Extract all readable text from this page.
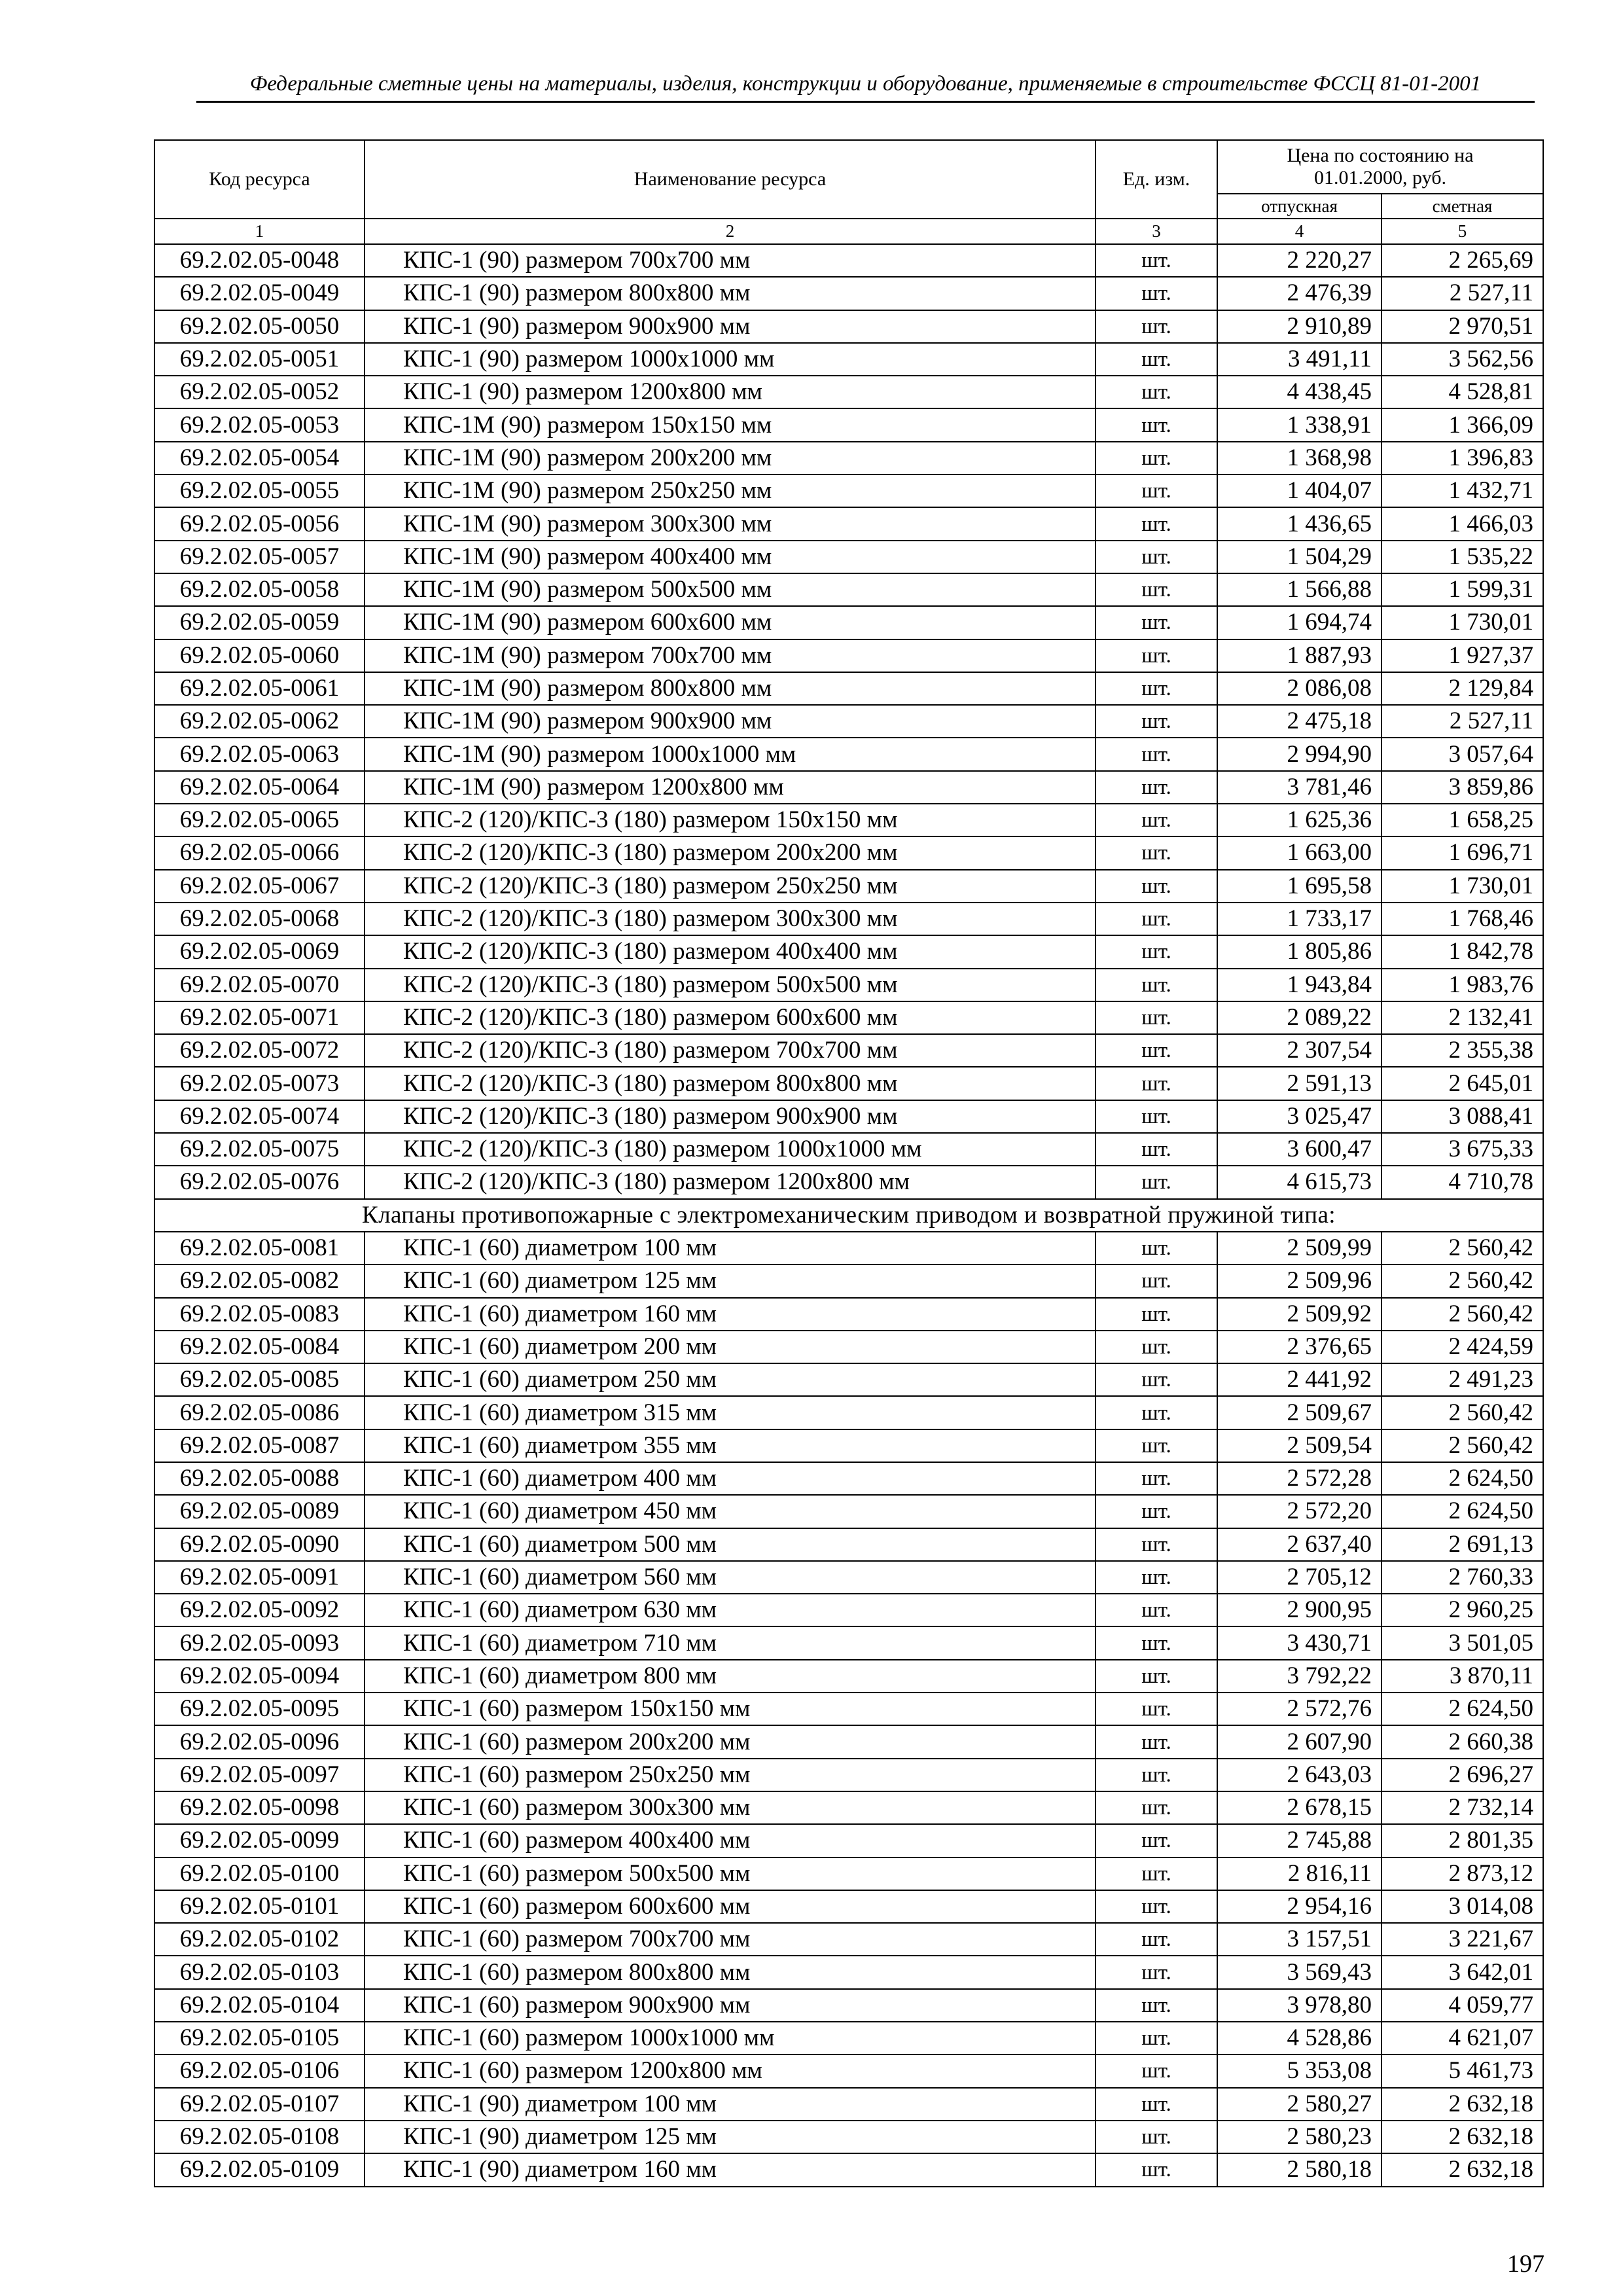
Федеральные сметные цены на материалы, изделия, конструкции и оборудование, применяемые в строительстве ФССЦ 81-01-2001
Код ресурса	Наименование ресурса	Ед. изм.	Цена по состоянию на 01.01.2000, руб.	
			отпускная	сметная
1	2	3	4	5
69.2.02.05-0048	КПС-1 (90) размером 700х700 мм	шт.	2 220,27	2 265,69
69.2.02.05-0049	КПС-1 (90) размером 800х800 мм	шт.	2 476,39	2 527,11
69.2.02.05-0050	КПС-1 (90) размером 900х900 мм	шт.	2 910,89	2 970,51
69.2.02.05-0051	КПС-1 (90) размером 1000х1000 мм	шт.	3 491,11	3 562,56
69.2.02.05-0052	КПС-1 (90) размером 1200х800 мм	шт.	4 438,45	4 528,81
69.2.02.05-0053	КПС-1М (90) размером 150х150 мм	шт.	1 338,91	1 366,09
69.2.02.05-0054	КПС-1М (90) размером 200х200 мм	шт.	1 368,98	1 396,83
69.2.02.05-0055	КПС-1М (90) размером 250х250 мм	шт.	1 404,07	1 432,71
69.2.02.05-0056	КПС-1М (90) размером 300х300 мм	шт.	1 436,65	1 466,03
69.2.02.05-0057	КПС-1М (90) размером 400х400 мм	шт.	1 504,29	1 535,22
69.2.02.05-0058	КПС-1М (90) размером 500х500 мм	шт.	1 566,88	1 599,31
69.2.02.05-0059	КПС-1М (90) размером 600х600 мм	шт.	1 694,74	1 730,01
69.2.02.05-0060	КПС-1М (90) размером 700х700 мм	шт.	1 887,93	1 927,37
69.2.02.05-0061	КПС-1М (90) размером 800х800 мм	шт.	2 086,08	2 129,84
69.2.02.05-0062	КПС-1М (90) размером 900х900 мм	шт.	2 475,18	2 527,11
69.2.02.05-0063	КПС-1М (90) размером 1000х1000 мм	шт.	2 994,90	3 057,64
69.2.02.05-0064	КПС-1М (90) размером 1200х800 мм	шт.	3 781,46	3 859,86
69.2.02.05-0065	КПС-2 (120)/КПС-3 (180) размером 150х150 мм	шт.	1 625,36	1 658,25
69.2.02.05-0066	КПС-2 (120)/КПС-3 (180) размером 200х200 мм	шт.	1 663,00	1 696,71
69.2.02.05-0067	КПС-2 (120)/КПС-3 (180) размером 250х250 мм	шт.	1 695,58	1 730,01
69.2.02.05-0068	КПС-2 (120)/КПС-3 (180) размером 300х300 мм	шт.	1 733,17	1 768,46
69.2.02.05-0069	КПС-2 (120)/КПС-3 (180) размером 400х400 мм	шт.	1 805,86	1 842,78
69.2.02.05-0070	КПС-2 (120)/КПС-3 (180) размером 500х500 мм	шт.	1 943,84	1 983,76
69.2.02.05-0071	КПС-2 (120)/КПС-3 (180) размером 600х600 мм	шт.	2 089,22	2 132,41
69.2.02.05-0072	КПС-2 (120)/КПС-3 (180) размером 700х700 мм	шт.	2 307,54	2 355,38
69.2.02.05-0073	КПС-2 (120)/КПС-3 (180) размером 800х800 мм	шт.	2 591,13	2 645,01
69.2.02.05-0074	КПС-2 (120)/КПС-3 (180) размером 900х900 мм	шт.	3 025,47	3 088,41
69.2.02.05-0075	КПС-2 (120)/КПС-3 (180) размером 1000х1000 мм	шт.	3 600,47	3 675,33
69.2.02.05-0076	КПС-2 (120)/КПС-3 (180) размером 1200х800 мм	шт.	4 615,73	4 710,78
Клапаны противопожарные с электромеханическим приводом и возвратной пружиной типа:				
69.2.02.05-0081	КПС-1 (60) диаметром 100 мм	шт.	2 509,99	2 560,42
69.2.02.05-0082	КПС-1 (60) диаметром 125 мм	шт.	2 509,96	2 560,42
69.2.02.05-0083	КПС-1 (60) диаметром 160 мм	шт.	2 509,92	2 560,42
69.2.02.05-0084	КПС-1 (60) диаметром 200 мм	шт.	2 376,65	2 424,59
69.2.02.05-0085	КПС-1 (60) диаметром 250 мм	шт.	2 441,92	2 491,23
69.2.02.05-0086	КПС-1 (60) диаметром 315 мм	шт.	2 509,67	2 560,42
69.2.02.05-0087	КПС-1 (60) диаметром 355 мм	шт.	2 509,54	2 560,42
69.2.02.05-0088	КПС-1 (60) диаметром 400 мм	шт.	2 572,28	2 624,50
69.2.02.05-0089	КПС-1 (60) диаметром 450 мм	шт.	2 572,20	2 624,50
69.2.02.05-0090	КПС-1 (60) диаметром 500 мм	шт.	2 637,40	2 691,13
69.2.02.05-0091	КПС-1 (60) диаметром 560 мм	шт.	2 705,12	2 760,33
69.2.02.05-0092	КПС-1 (60) диаметром 630 мм	шт.	2 900,95	2 960,25
69.2.02.05-0093	КПС-1 (60) диаметром 710 мм	шт.	3 430,71	3 501,05
69.2.02.05-0094	КПС-1 (60) диаметром 800 мм	шт.	3 792,22	3 870,11
69.2.02.05-0095	КПС-1 (60) размером 150х150 мм	шт.	2 572,76	2 624,50
69.2.02.05-0096	КПС-1 (60) размером 200х200 мм	шт.	2 607,90	2 660,38
69.2.02.05-0097	КПС-1 (60) размером 250х250 мм	шт.	2 643,03	2 696,27
69.2.02.05-0098	КПС-1 (60) размером 300х300 мм	шт.	2 678,15	2 732,14
69.2.02.05-0099	КПС-1 (60) размером 400х400 мм	шт.	2 745,88	2 801,35
69.2.02.05-0100	КПС-1 (60) размером 500х500 мм	шт.	2 816,11	2 873,12
69.2.02.05-0101	КПС-1 (60) размером 600х600 мм	шт.	2 954,16	3 014,08
69.2.02.05-0102	КПС-1 (60) размером 700х700 мм	шт.	3 157,51	3 221,67
69.2.02.05-0103	КПС-1 (60) размером 800х800 мм	шт.	3 569,43	3 642,01
69.2.02.05-0104	КПС-1 (60) размером 900х900 мм	шт.	3 978,80	4 059,77
69.2.02.05-0105	КПС-1 (60) размером 1000х1000 мм	шт.	4 528,86	4 621,07
69.2.02.05-0106	КПС-1 (60) размером 1200х800 мм	шт.	5 353,08	5 461,73
69.2.02.05-0107	КПС-1 (90) диаметром 100 мм	шт.	2 580,27	2 632,18
69.2.02.05-0108	КПС-1 (90) диаметром 125 мм	шт.	2 580,23	2 632,18
69.2.02.05-0109	КПС-1 (90) диаметром 160 мм	шт.	2 580,18	2 632,18
197
